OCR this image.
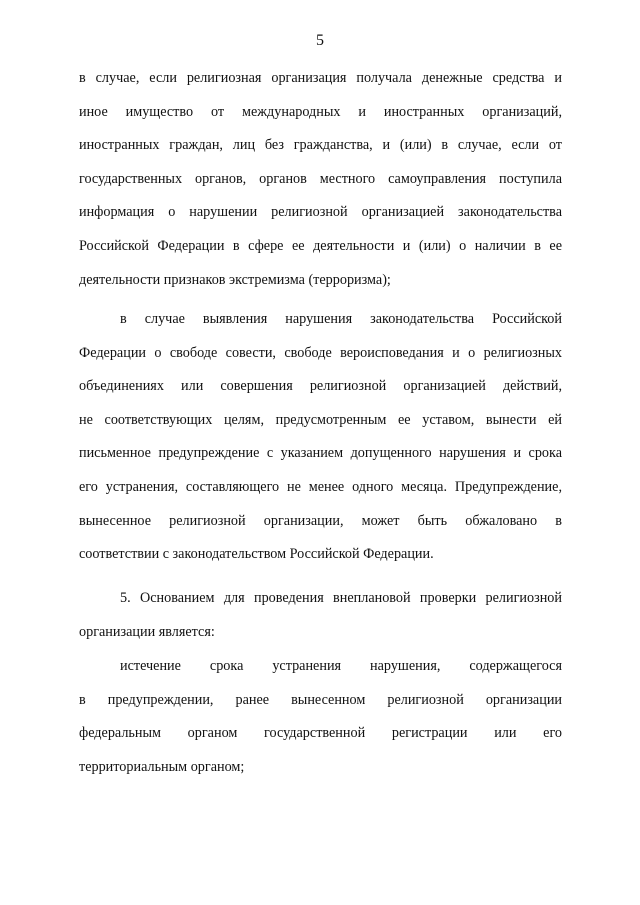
5
в случае, если религиозная организация получала денежные средства и
иное имущество от международных и иностранных организаций,
иностранных граждан, лиц без гражданства, и (или) в случае, если от
государственных органов, органов местного самоуправления поступила
информация о нарушении религиозной организацией законодательства
Российской Федерации в сфере ее деятельности и (или) о наличии в ее
деятельности признаков экстремизма (терроризма);
в случае выявления нарушения законодательства Российской
Федерации о свободе совести, свободе вероисповедания и о религиозных
объединениях или совершения религиозной организацией действий,
не соответствующих целям, предусмотренным ее уставом, вынести ей
письменное предупреждение с указанием допущенного нарушения и срока
его устранения, составляющего не менее одного месяца. Предупреждение,
вынесенное религиозной организации, может быть обжаловано в
соответствии с законодательством Российской Федерации.
5. Основанием для проведения внеплановой проверки религиозной
организации является:
истечение срока устранения нарушения, содержащегося
в предупреждении, ранее вынесенном религиозной организации
федеральным органом государственной регистрации или его
территориальным органом;
